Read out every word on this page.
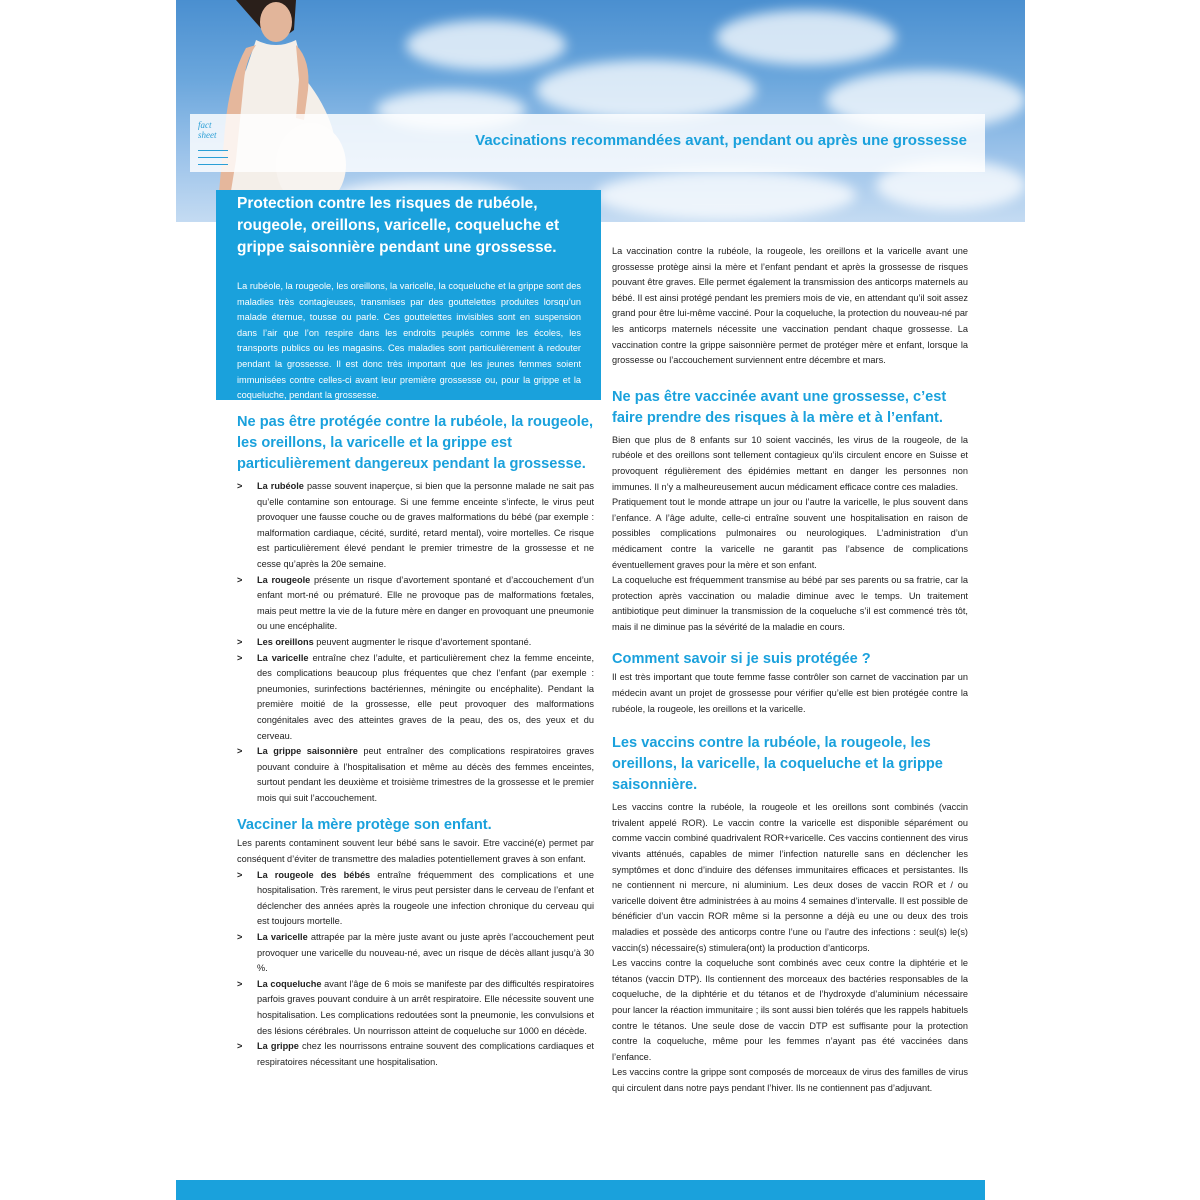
fact
sheet	Vaccinations recommandées avant, pendant ou après une grossesse
Protection contre les risques de rubéole, rougeole, oreillons, varicelle, coqueluche et grippe saisonnière pendant une grossesse.

La rubéole, la rougeole, les oreillons, la varicelle, la coqueluche et la grippe sont des maladies très contagieuses, transmises par des gouttelettes produites lorsqu’un malade éternue, tousse ou parle. Ces gouttelettes invisibles sont en suspension dans l’air que l’on respire dans les endroits peuplés comme les écoles, les transports publics ou les magasins. Ces maladies sont particulièrement à redouter pendant la grossesse. Il est donc très important que les jeunes femmes soient immunisées contre celles-ci avant leur première grossesse ou, pour la grippe et la coqueluche, pendant la grossesse.

Ne pas être protégée contre la rubéole, la rougeole, les oreillons, la varicelle et la grippe est particulièrement dangereux pendant la grossesse.
> La rubéole passe souvent inaperçue, si bien que la personne malade ne sait pas qu’elle contamine son entourage. Si une femme enceinte s’infecte, le virus peut provoquer une fausse couche ou de graves malformations du bébé (par exemple : malformation cardiaque, cécité, surdité, retard mental), voire mortelles. Ce risque est particulièrement élevé pendant le premier trimestre de la grossesse et ne cesse qu’après la 20e semaine.
> La rougeole présente un risque d’avortement spontané et d’accouchement d’un enfant mort-né ou prématuré. Elle ne provoque pas de malformations fœtales, mais peut mettre la vie de la future mère en danger en provoquant une pneumonie ou une encéphalite.
> Les oreillons peuvent augmenter le risque d’avortement spontané.
> La varicelle entraîne chez l’adulte, et particulièrement chez la femme enceinte, des complications beaucoup plus fréquentes que chez l’enfant (par exemple : pneumonies, surinfections bactériennes, méningite ou encéphalite). Pendant la première moitié de la grossesse, elle peut provoquer des malformations congénitales avec des atteintes graves de la peau, des os, des yeux et du cerveau.
> La grippe saisonnière peut entraîner des complications respiratoires graves pouvant conduire à l’hospitalisation et même au décès des femmes enceintes, surtout pendant les deuxième et troisième trimestres de la grossesse et le premier mois qui suit l’accouchement.
Vacciner la mère protège son enfant.

Les parents contaminent souvent leur bébé sans le savoir. Etre vacciné(e) permet par conséquent d’éviter de transmettre des maladies potentiellement graves à son enfant.

> La rougeole des bébés entraîne fréquemment des complications et une hospitalisation. Très rarement, le virus peut persister dans le cerveau de l’enfant et déclencher des années après la rougeole une infection chronique du cerveau qui est toujours mortelle.
> La varicelle attrapée par la mère juste avant ou juste après l’accouchement peut provoquer une varicelle du nouveau-né, avec un risque de décès allant jusqu’à 30 %.
> La coqueluche avant l’âge de 6 mois se manifeste par des difficultés respiratoires parfois graves pouvant conduire à un arrêt respiratoire. Elle nécessite souvent une hospitalisation. Les complications redoutées sont la pneumonie, les convulsions et des lésions cérébrales. Un nourrisson atteint de coqueluche sur 1000 en décède.
> La grippe chez les nourrissons entraine souvent des complications cardiaques et respiratoires nécessitant une hospitalisation.

La vaccination contre la rubéole, la rougeole, les oreillons et la varicelle avant une grossesse protège ainsi la mère et l’enfant pendant et après la grossesse de risques pouvant être graves. Elle permet également la transmission des anticorps maternels au bébé. Il est ainsi protégé pendant les premiers mois de vie, en attendant qu’il soit assez grand pour être lui-même vacciné. Pour la coqueluche, la protection du nouveau-né par les anticorps maternels nécessite une vaccination pendant chaque grossesse. La vaccination contre la grippe saisonnière permet de protéger mère et enfant, lorsque la grossesse ou l’accouchement surviennent entre décembre et mars.

Ne pas être vaccinée avant une grossesse, c’est faire prendre des risques à la mère et à l’enfant.

Bien que plus de 8 enfants sur 10 soient vaccinés, les virus de la rougeole, de la rubéole et des oreillons sont tellement contagieux qu’ils circulent encore en Suisse et provoquent régulièrement des épidémies mettant en danger les personnes non immunes. Il n’y a malheureusement aucun médicament efficace contre ces maladies.

Pratiquement tout le monde attrape un jour ou l’autre la varicelle, le plus souvent dans l’enfance. A l’âge adulte, celle-ci entraîne souvent une hospitalisation en raison de possibles complications pulmonaires ou neurologiques. L’administration d’un médicament contre la varicelle ne garantit pas l’absence de complications éventuellement graves pour la mère et son enfant.

La coqueluche est fréquemment transmise au bébé par ses parents ou sa fratrie, car la protection après vaccination ou maladie diminue avec le temps. Un traitement antibiotique peut diminuer la transmission de la coqueluche s’il est commencé très tôt, mais il ne diminue pas la sévérité de la maladie en cours.

Comment savoir si je suis protégée ?

Il est très important que toute femme fasse contrôler son carnet de vaccination par un médecin avant un projet de grossesse pour vérifier qu’elle est bien protégée contre la rubéole, la rougeole, les oreillons et la varicelle.

Les vaccins contre la rubéole, la rougeole, les oreillons, la varicelle, la coqueluche et la grippe saisonnière.

Les vaccins contre la rubéole, la rougeole et les oreillons sont combinés (vaccin trivalent appelé ROR). Le vaccin contre la varicelle est disponible séparément ou comme vaccin combiné quadrivalent ROR+varicelle. Ces vaccins contiennent des virus vivants atténués, capables de mimer l’infection naturelle sans en déclencher les symptômes et donc d’induire des défenses immunitaires efficaces et persistantes. Ils ne contiennent ni mercure, ni aluminium. Les deux doses de vaccin ROR et / ou varicelle doivent être administrées à au moins 4 semaines d’intervalle. Il est possible de bénéficier d’un vaccin ROR même si la personne a déjà eu une ou deux des trois maladies et possède des anticorps contre l’une ou l’autre des infections : seul(s) le(s) vaccin(s) nécessaire(s) stimulera(ont) la production d’anticorps.

Les vaccins contre la coqueluche sont combinés avec ceux contre la diphtérie et le tétanos (vaccin DTP). Ils contiennent des morceaux des bactéries responsables de la coqueluche, de la diphtérie et du tétanos et de l’hydroxyde d’aluminium nécessaire pour lancer la réaction immunitaire ; ils sont aussi bien tolérés que les rappels habituels contre le tétanos. Une seule dose de vaccin DTP est suffisante pour la protection contre la coqueluche, même pour les femmes n’ayant pas été vaccinées dans l’enfance.

Les vaccins contre la grippe sont composés de morceaux de virus des familles de virus qui circulent dans notre pays pendant l’hiver. Ils ne contiennent pas d’adjuvant.
